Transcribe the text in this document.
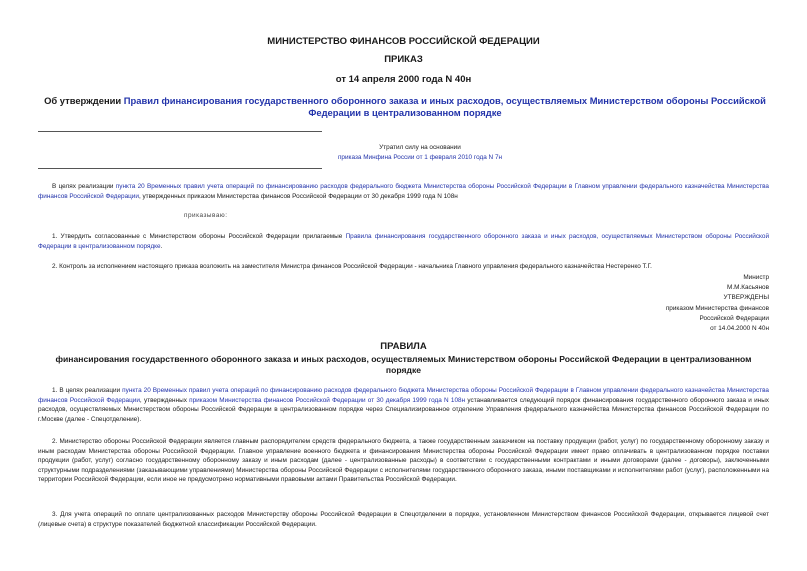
МИНИСТЕРСТВО ФИНАНСОВ РОССИЙСКОЙ ФЕДЕРАЦИИ
ПРИКАЗ
от 14 апреля 2000 года N 40н
Об утверждении Правил финансирования государственного оборонного заказа и иных расходов, осуществляемых Министерством обороны Российской
Федерации в централизованном порядке
Утратил силу на основании
приказа Минфина России от 1 февраля 2010 года N 7н
В целях реализации пункта 20 Временных правил учета операций по финансированию расходов федерального бюджета Министерства обороны Российской Федерации в Главном управлении федерального казначейства Министерства финансов Российской Федерации, утвержденных приказом Министерства финансов Российской Федерации от 30 декабря 1999 года N 108н
приказываю:
1. Утвердить согласованные с Министерством обороны Российской Федерации прилагаемые Правила финансирования государственного оборонного заказа и иных расходов, осуществляемых Министерством обороны Российской Федерации в централизованном порядке.
2. Контроль за исполнением настоящего приказа возложить на заместителя Министра финансов Российской Федерации - начальника Главного управления федерального казначейства Нестеренко Т.Г.
Министр
М.М.Касьянов
УТВЕРЖДЕНЫ
приказом Министерства финансов
Российской Федерации
от 14.04.2000 N 40н
ПРАВИЛА
финансирования государственного оборонного заказа и иных расходов, осуществляемых Министерством обороны Российской Федерации в централизованном
порядке
1. В целях реализации пункта 20 Временных правил учета операций по финансированию расходов федерального бюджета Министерства обороны Российской Федерации в Главном управлении федерального казначейства Министерства финансов Российской Федерации, утвержденных приказом Министерства финансов Российской Федерации от 30 декабря 1999 года N 108н устанавливается следующий порядок финансирования государственного оборонного заказа и иных расходов, осуществляемых Министерством обороны Российской Федерации в централизованном порядке через Специализированное отделение Управления федерального казначейства Министерства финансов Российской Федерации по г.Москве (далее - Спецотделение).
2. Министерство обороны Российской Федерации является главным распорядителем средств федерального бюджета, а также государственным заказчиком на поставку продукции (работ, услуг) по государственному оборонному заказу и иным расходам Министерства обороны Российской Федерации. Главное управление военного бюджета и финансирования Министерства обороны Российской Федерации имеет право оплачивать в централизованном порядке поставки продукции (работ, услуг) согласно государственному оборонному заказу и иным расходам (далее - централизованные расходы) в соответствии с государственными контрактами и иными договорами (далее - договоры), заключенными структурными подразделениями (заказывающими управлениями) Министерства обороны Российской Федерации с исполнителями государственного оборонного заказа, иными поставщиками и исполнителями работ (услуг), расположенными на территории Российской Федерации, если иное не предусмотрено нормативными правовыми актами Правительства Российской Федерации.
3. Для учета операций по оплате централизованных расходов Министерству обороны Российской Федерации в Спецотделении в порядке, установленном Министерством финансов Российской Федерации, открывается лицевой счет (лицевые счета) в структуре показателей бюджетной классификации Российской Федерации.
